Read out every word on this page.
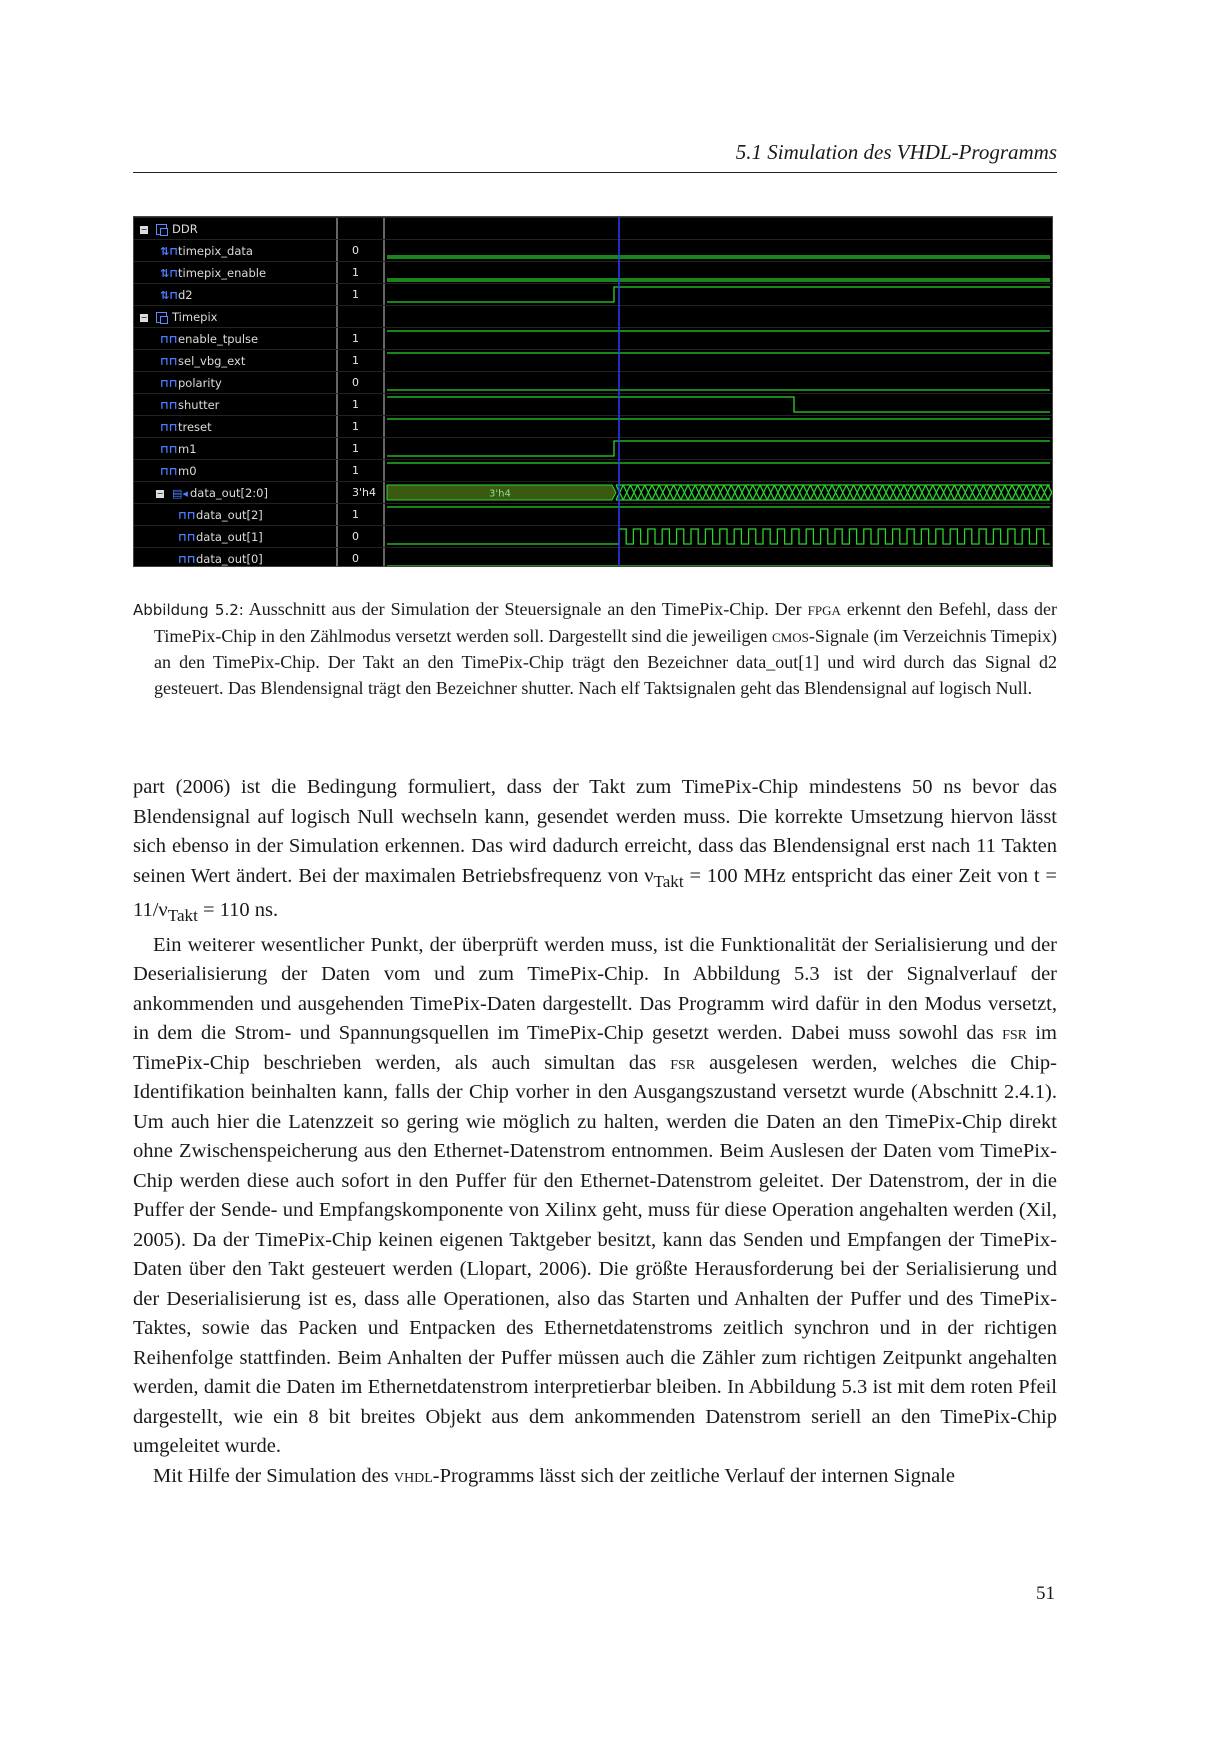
5.1 Simulation des VHDL-Programms
− DDR
⇅⊓timepix_data	0
⇅⊓timepix_enable	1
⇅⊓d2	1
− Timepix
⊓⊓enable_tpulse	1
⊓⊓sel_vbg_ext	1
⊓⊓polarity	0
⊓⊓shutter	1
⊓⊓treset	1
⊓⊓m1	1
⊓⊓m0	1
− ▤◂ data_out[2:0]	3'h4
⊓⊓data_out[2]	1
⊓⊓data_out[1]	0
⊓⊓data_out[0]	0
3'h4

Abbildung 5.2: Ausschnitt aus der Simulation der Steuersignale an den TimePix-Chip. Der fpga erkennt den Befehl, dass der TimePix-Chip in den Zählmodus versetzt werden soll. Dargestellt sind die jeweiligen cmos-Signale (im Verzeichnis Timepix) an den TimePix-Chip. Der Takt an den TimePix-Chip trägt den Bezeichner data_out[1] und wird durch das Signal d2 gesteuert. Das Blendensignal trägt den Bezeichner shutter. Nach elf Taktsignalen geht das Blendensignal auf logisch Null.

part (2006) ist die Bedingung formuliert, dass der Takt zum TimePix-Chip mindestens 50 ns bevor das Blendensignal auf logisch Null wechseln kann, gesendet werden muss. Die korrekte Umsetzung hiervon lässt sich ebenso in der Simulation erkennen. Das wird dadurch erreicht, dass das Blendensignal erst nach 11 Takten seinen Wert ändert. Bei der maximalen Betriebsfrequenz von $\nu_{Takt} = 100$ MHz entspricht das einer Zeit von $t = 11/\nu_{Takt} = 110$ ns.

Ein weiterer wesentlicher Punkt, der überprüft werden muss, ist die Funktionalität der Serialisierung und der Deserialisierung der Daten vom und zum TimePix-Chip. In Abbildung 5.3 ist der Signalverlauf der ankommenden und ausgehenden TimePix-Daten dargestellt. Das Programm wird dafür in den Modus versetzt, in dem die Strom- und Spannungsquellen im TimePix-Chip gesetzt werden. Dabei muss sowohl das fsr im TimePix-Chip beschrieben werden, als auch simultan das fsr ausgelesen werden, welches die Chip-Identifikation beinhalten kann, falls der Chip vorher in den Ausgangszustand versetzt wurde (Abschnitt 2.4.1). Um auch hier die Latenzzeit so gering wie möglich zu halten, werden die Daten an den TimePix-Chip direkt ohne Zwischenspeicherung aus den Ethernet-Datenstrom entnommen. Beim Auslesen der Daten vom TimePix-Chip werden diese auch sofort in den Puffer für den Ethernet-Datenstrom geleitet. Der Datenstrom, der in die Puffer der Sende- und Empfangskomponente von Xilinx geht, muss für diese Operation angehalten werden (Xil, 2005). Da der TimePix-Chip keinen eigenen Taktgeber besitzt, kann das Senden und Empfangen der TimePix-Daten über den Takt gesteuert werden (Llopart, 2006). Die größte Herausforderung bei der Serialisierung und der Deserialisierung ist es, dass alle Operationen, also das Starten und Anhalten der Puffer und des TimePix-Taktes, sowie das Packen und Entpacken des Ethernetdatenstroms zeitlich synchron und in der richtigen Reihenfolge stattfinden. Beim Anhalten der Puffer müssen auch die Zähler zum richtigen Zeitpunkt angehalten werden, damit die Daten im Ethernetdatenstrom interpretierbar bleiben. In Abbildung 5.3 ist mit dem roten Pfeil dargestellt, wie ein 8 bit breites Objekt aus dem ankommenden Datenstrom seriell an den TimePix-Chip umgeleitet wurde.

Mit Hilfe der Simulation des vhdl-Programms lässt sich der zeitliche Verlauf der internen Signale

51
